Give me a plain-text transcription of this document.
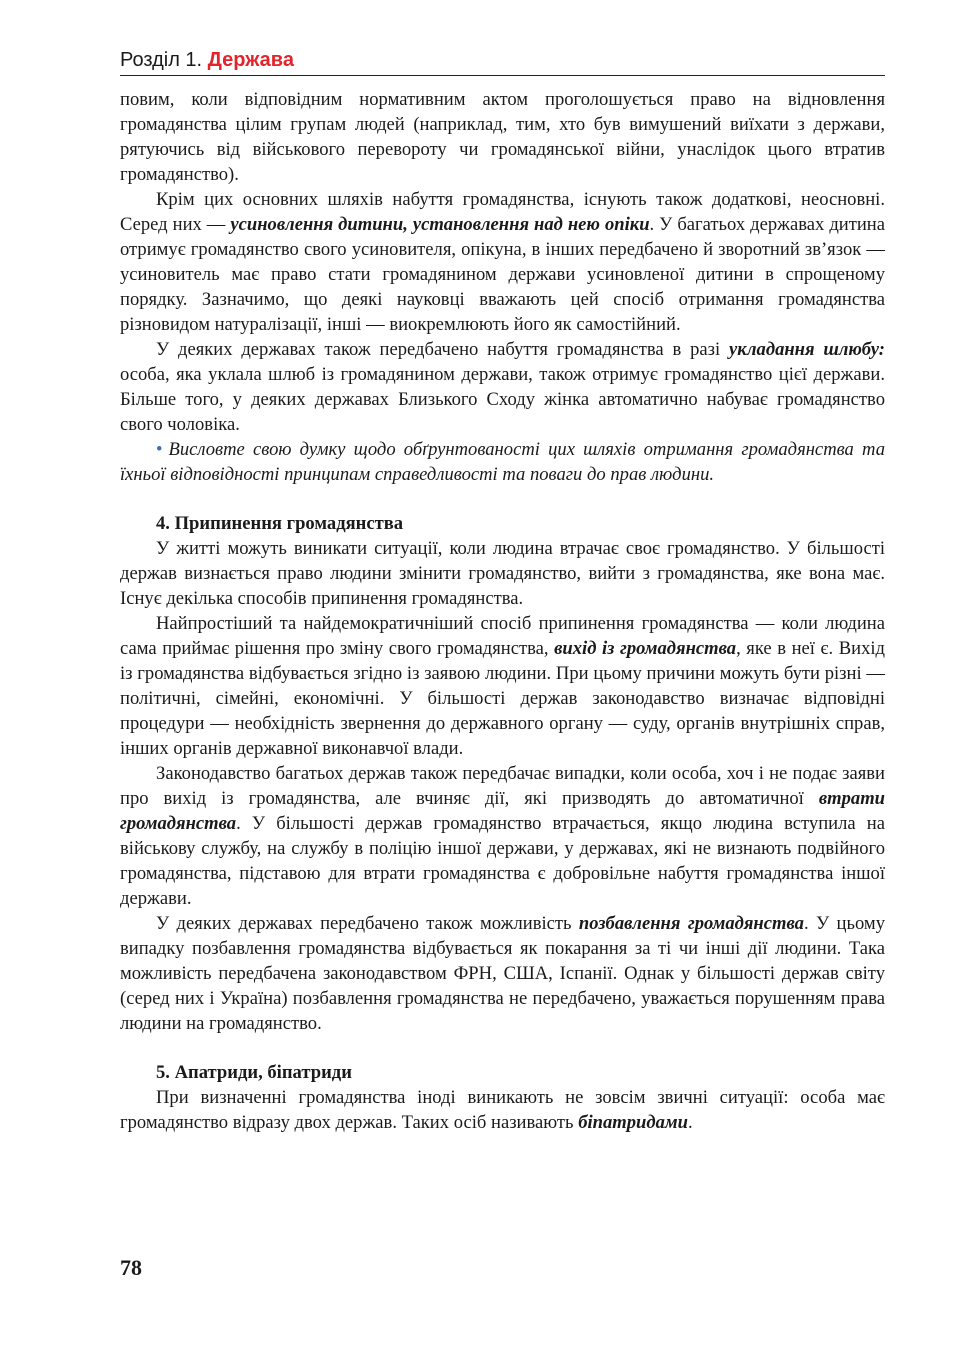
Розділ 1. Держава

повим, коли відповідним нормативним актом проголошується право на відновлення громадянства цілим групам людей (наприклад, тим, хто був вимушений виїхати з держави, рятуючись від військового перевороту чи громадянської війни, унаслідок цього втратив громадянство).

Крім цих основних шляхів набуття громадянства, існують також додаткові, неосновні. Серед них — усиновлення дитини, установлення над нею опіки. У багатьох державах дитина отримує громадянство свого усиновителя, опікуна, в інших передбачено й зворотний зв’язок — усиновитель має право стати громадянином держави усиновленої дитини в спрощеному порядку. Зазначимо, що деякі науковці вважають цей спосіб отримання громадянства різновидом натуралізації, інші — виокремлюють його як самостійний.

У деяких державах також передбачено набуття громадянства в разі укладання шлюбу: особа, яка уклала шлюб із громадянином держави, також отримує громадянство цієї держави. Більше того, у деяких державах Близького Сходу жінка автоматично набуває громадянство свого чоловіка.

• Висловте свою думку щодо обґрунтованості цих шляхів отримання громадянства та їхньої відповідності принципам справедливості та поваги до прав людини.

4. Припинення громадянства

У житті можуть виникати ситуації, коли людина втрачає своє громадянство. У більшості держав визнається право людини змінити громадянство, вийти з громадянства, яке вона має. Існує декілька способів припинення громадянства.

Найпростіший та найдемократичніший спосіб припинення громадянства — коли людина сама приймає рішення про зміну свого громадянства, вихід із громадянства, яке в неї є. Вихід із громадянства відбувається згідно із заявою людини. При цьому причини можуть бути різні — політичні, сімейні, економічні. У більшості держав законодавство визначає відповідні процедури — необхідність звернення до державного органу — суду, органів внутрішніх справ, інших органів державної виконавчої влади.

Законодавство багатьох держав також передбачає випадки, коли особа, хоч і не подає заяви про вихід із громадянства, але вчиняє дії, які призводять до автоматичної втрати громадянства. У більшості держав громадянство втрачається, якщо людина вступила на військову службу, на службу в поліцію іншої держави, у державах, які не визнають подвійного громадянства, підставою для втрати громадянства є добровільне набуття громадянства іншої держави.

У деяких державах передбачено також можливість позбавлення громадянства. У цьому випадку позбавлення громадянства відбувається як покарання за ті чи інші дії людини. Така можливість передбачена законодавством ФРН, США, Іспанії. Однак у більшості держав світу (серед них і Україна) позбавлення громадянства не передбачено, уважається порушенням права людини на громадянство.

5. Апатриди, біпатриди

При визначенні громадянства іноді виникають не зовсім звичні ситуації: особа має громадянство відразу двох держав. Таких осіб називають біпатридами.

78
